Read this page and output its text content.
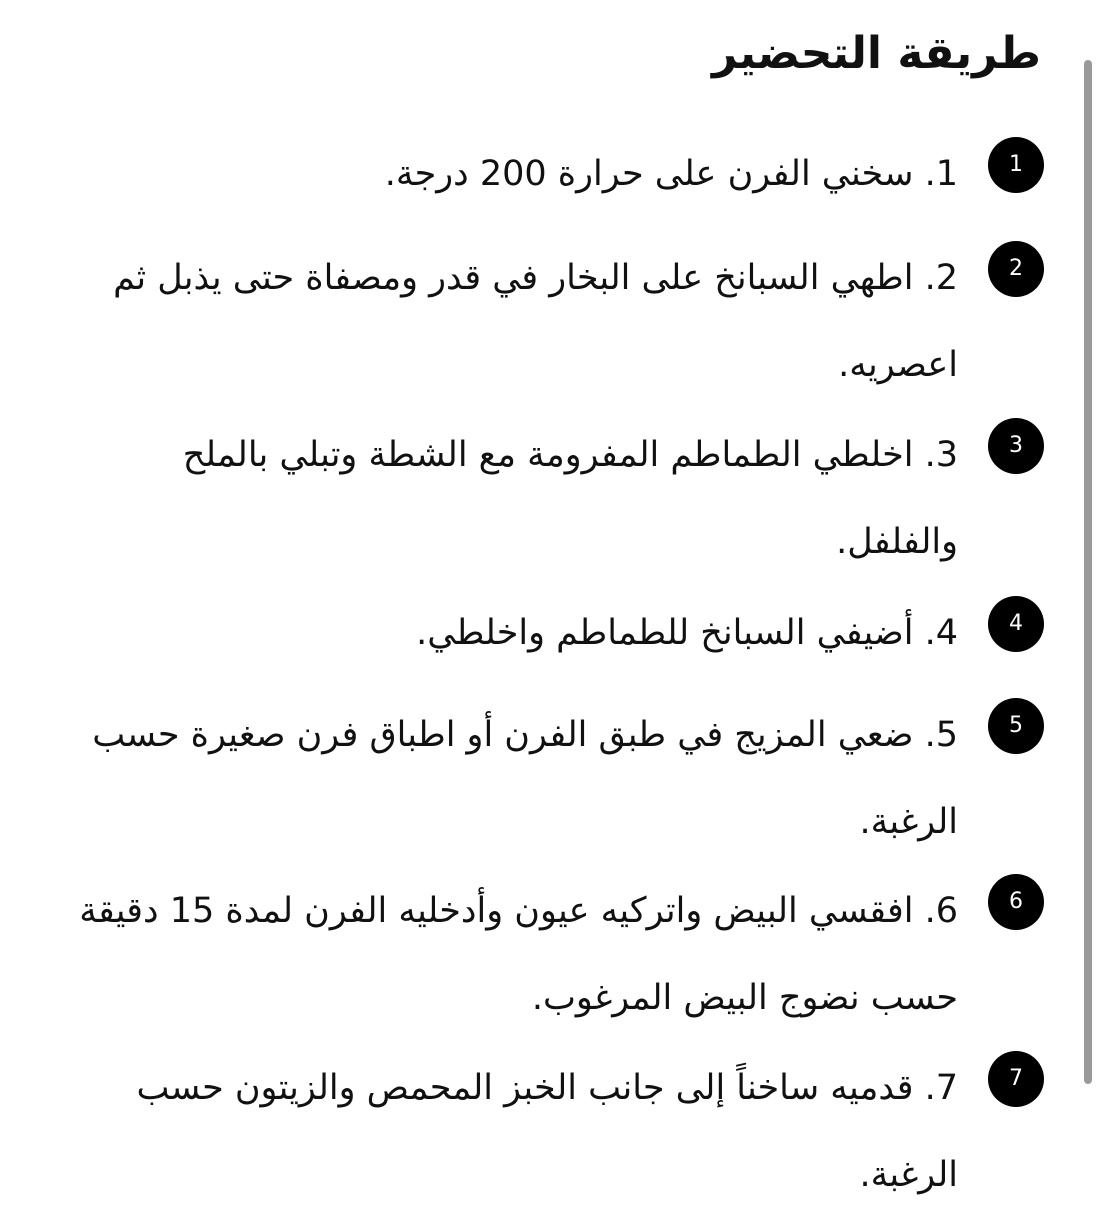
طريقة التحضير
1
1. سخني الفرن على حرارة 200 درجة.
2
2. اطهي السبانخ على البخار في قدر ومصفاة حتى يذبل ثم اعصريه.
3
3. اخلطي الطماطم المفرومة مع الشطة وتبلي بالملح والفلفل.
4
4. أضيفي السبانخ للطماطم واخلطي.
5
5. ضعي المزيج في طبق الفرن أو اطباق فرن صغيرة حسب الرغبة.
6
6. افقسي البيض واتركيه عيون وأدخليه الفرن لمدة 15 دقيقة حسب نضوج البيض المرغوب.
7
7. قدميه ساخناً إلى جانب الخبز المحمص والزيتون حسب الرغبة.
